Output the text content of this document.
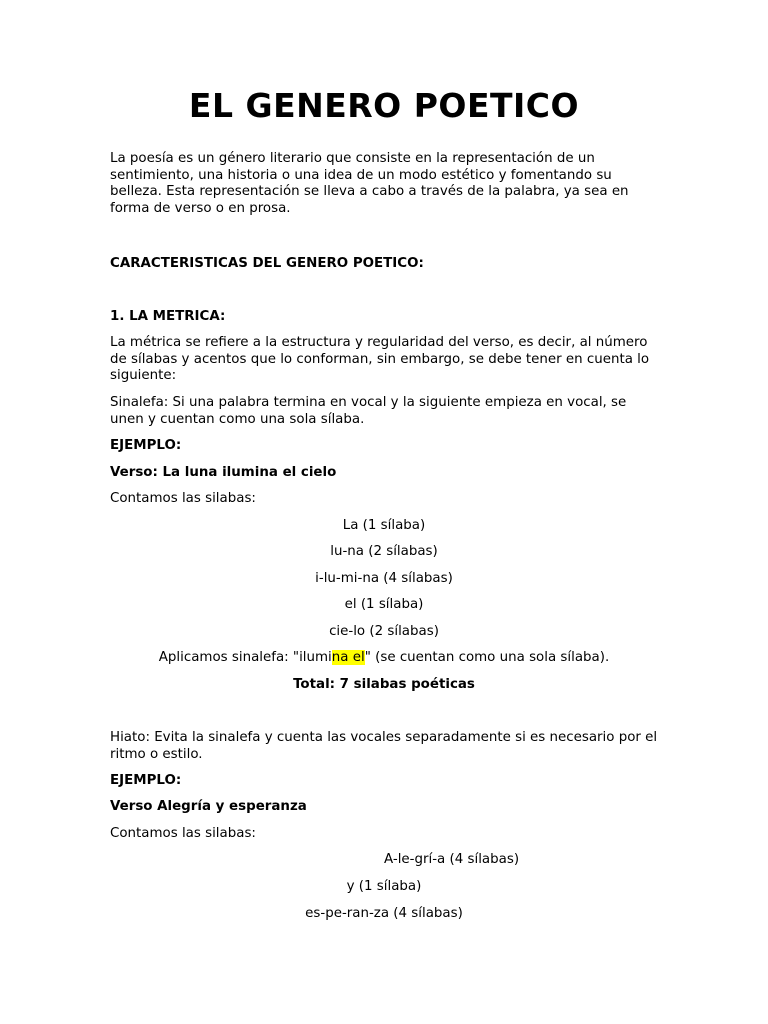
EL GENERO POETICO

La poesía es un género literario que consiste en la representación de un sentimiento, una historia o una idea de un modo estético y fomentando su belleza. Esta representación se lleva a cabo a través de la palabra, ya sea en forma de verso o en prosa.

CARACTERISTICAS DEL GENERO POETICO:

1. LA METRICA:

La métrica se refiere a la estructura y regularidad del verso, es decir, al número de sílabas y acentos que lo conforman, sin embargo, se debe tener en cuenta lo siguiente:

Sinalefa: Si una palabra termina en vocal y la siguiente empieza en vocal, se unen y cuentan como una sola sílaba.

EJEMPLO:

Verso: La luna ilumina el cielo

Contamos las silabas:

La (1 sílaba)

lu-na (2 sílabas)

i-lu-mi-na (4 sílabas)

el (1 sílaba)

cie-lo (2 sílabas)

Aplicamos sinalefa: "ilumina el" (se cuentan como una sola sílaba).

Total: 7 silabas poéticas

Hiato: Evita la sinalefa y cuenta las vocales separadamente si es necesario por el ritmo o estilo.

EJEMPLO:

Verso Alegría y esperanza

Contamos las silabas:

A-le-grí-a (4 sílabas)

y (1 sílaba)

es-pe-ran-za (4 sílabas)
